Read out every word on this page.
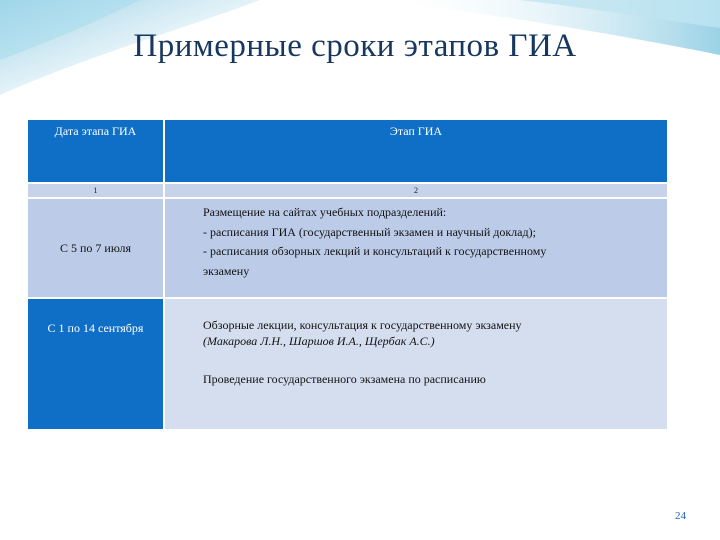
Примерные сроки этапов ГИА
Дата этапа ГИА		Этап ГИА
1		2
С 5 по 7 июля		Размещение на сайтах учебных подразделений:
- расписания ГИА (государственный экзамен и научный доклад);
- расписания обзорных лекций и консультаций к государственному
экзамену

С 1 по 14 сентября		Обзорные лекции, консультация к государственному экзамену
(Макарова Л.Н., Шаршов И.А., Щербак А.С.)
Проведение государственного экзамена по расписанию
24
